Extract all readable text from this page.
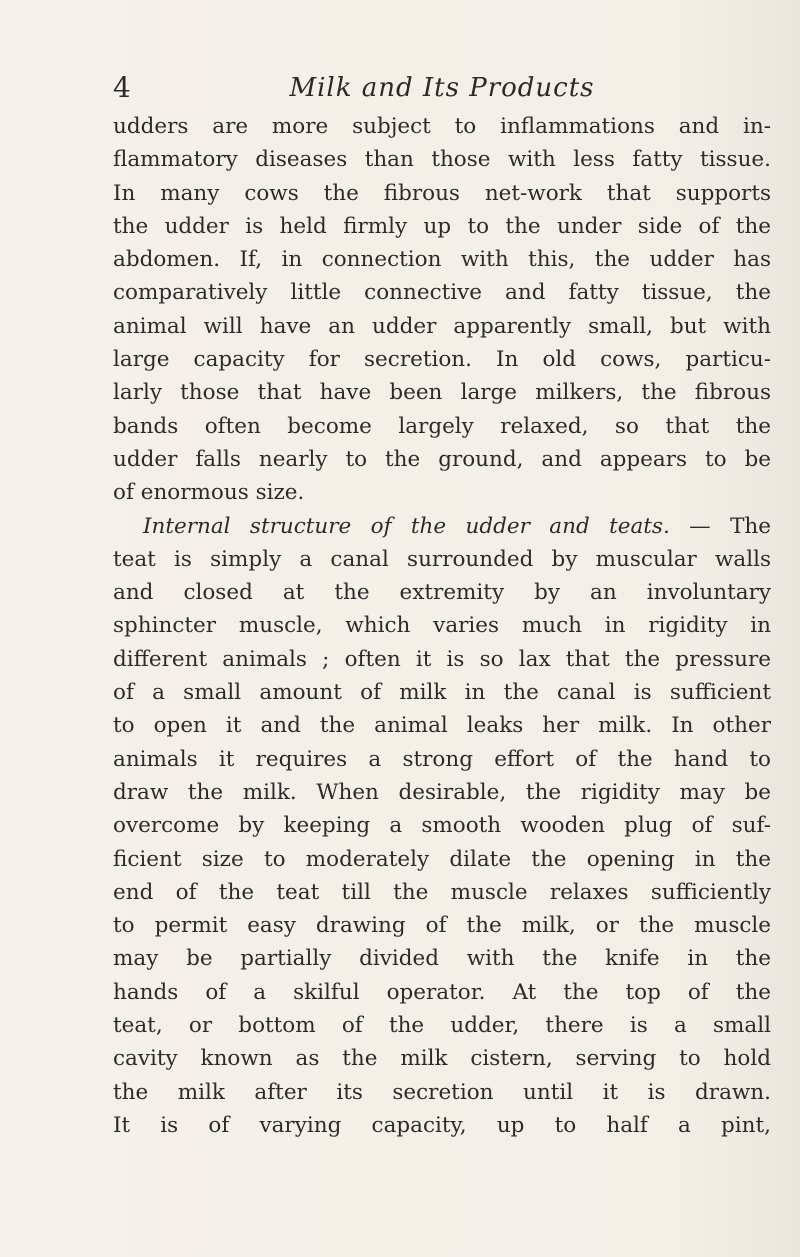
4	Milk and Its Products
udders are more subject to inflammations and in-
flammatory diseases than those with less fatty tissue.
In many cows the fibrous net-work that supports
the udder is held firmly up to the under side of the
abdomen. If, in connection with this, the udder has
comparatively little connective and fatty tissue, the
animal will have an udder apparently small, but with
large capacity for secretion. In old cows, particu-
larly those that have been large milkers, the fibrous
bands often become largely relaxed, so that the
udder falls nearly to the ground, and appears to be
of enormous size.
Internal structure of the udder and teats. — The
teat is simply a canal surrounded by muscular walls
and closed at the extremity by an involuntary
sphincter muscle, which varies much in rigidity in
different animals ; often it is so lax that the pressure
of a small amount of milk in the canal is sufficient
to open it and the animal leaks her milk. In other
animals it requires a strong effort of the hand to
draw the milk. When desirable, the rigidity may be
overcome by keeping a smooth wooden plug of suf-
ficient size to moderately dilate the opening in the
end of the teat till the muscle relaxes sufficiently
to permit easy drawing of the milk, or the muscle
may be partially divided with the knife in the
hands of a skilful operator. At the top of the
teat, or bottom of the udder, there is a small
cavity known as the milk cistern, serving to hold
the milk after its secretion until it is drawn.
It is of varying capacity, up to half a pint,
